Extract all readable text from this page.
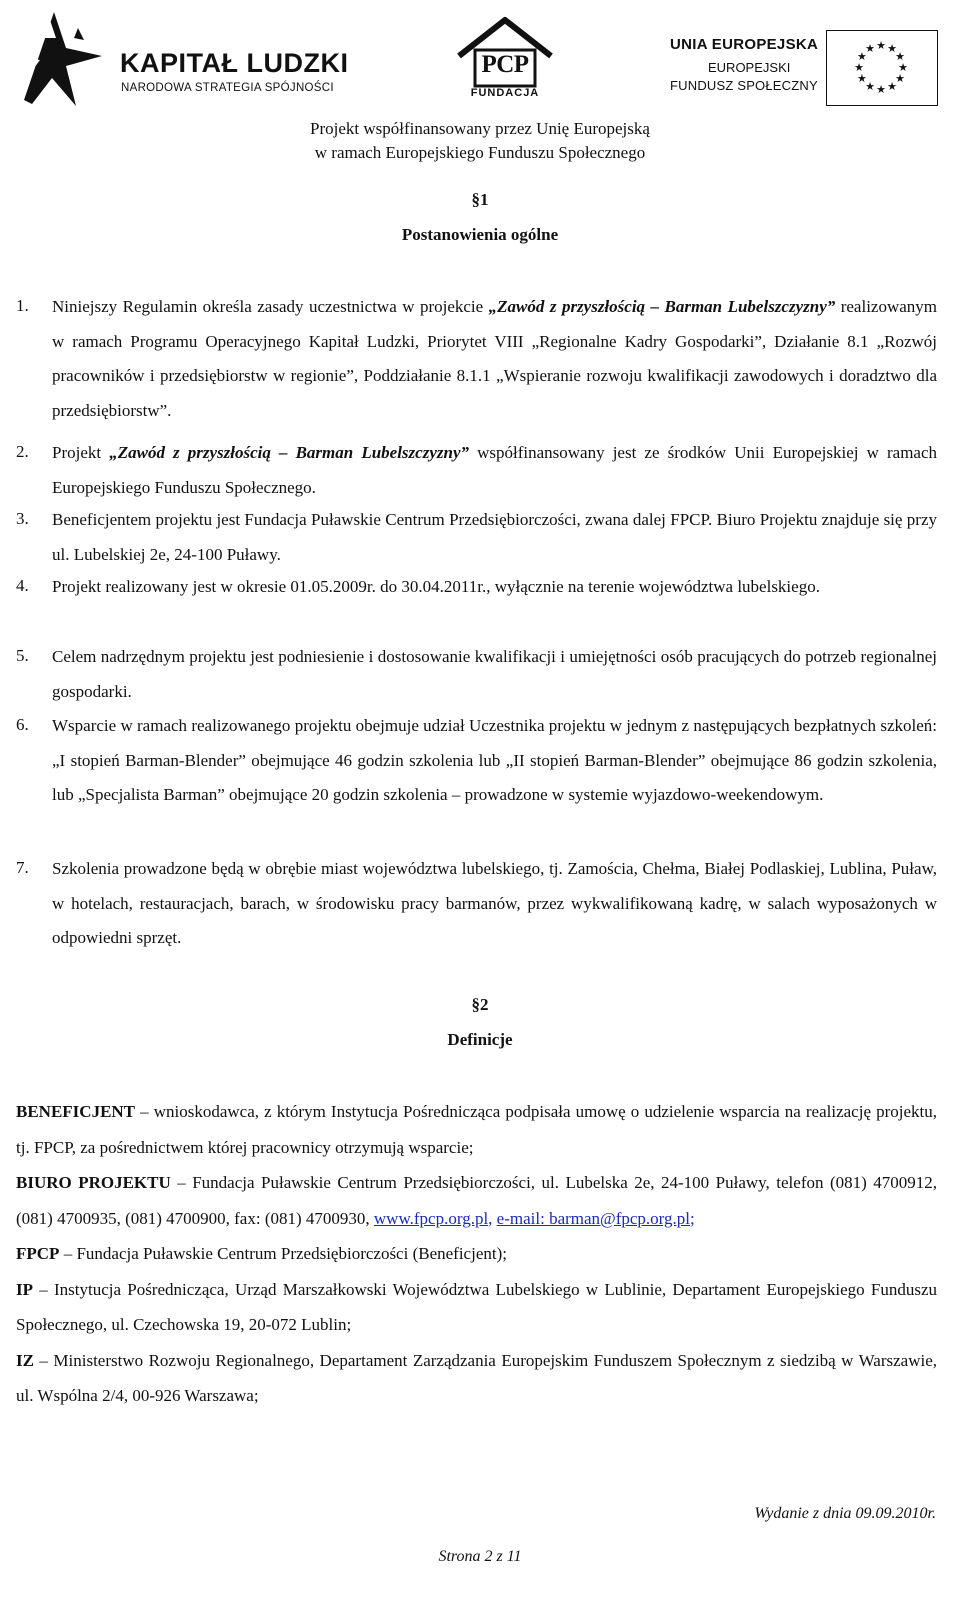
KAPITAŁ LUDZKI
NARODOWA STRATEGIA SPÓJNOŚCI
PCP
FUNDACJA
UNIA EUROPEJSKA
EUROPEJSKI
FUNDUSZ SPOŁECZNY
★ ★
★
★
★
★
★
★
★
★
★
★
Projekt współfinansowany przez Unię Europejską
w ramach Europejskiego Funduszu Społecznego
§1
Postanowienia ogólne
1. Niniejszy Regulamin określa zasady uczestnictwa w projekcie „Zawód z przyszłością – Barman Lubelszczyzny” realizowanym w ramach Programu Operacyjnego Kapitał Ludzki, Priorytet VIII „Regionalne Kadry Gospodarki”, Działanie 8.1 „Rozwój pracowników i przedsiębiorstw w regionie”, Poddziałanie 8.1.1 „Wspieranie rozwoju kwalifikacji zawodowych i doradztwo dla przedsiębiorstw”.
2. Projekt „Zawód z przyszłością – Barman Lubelszczyzny” współfinansowany jest ze środków Unii Europejskiej w ramach Europejskiego Funduszu Społecznego.
3. Beneficjentem projektu jest Fundacja Puławskie Centrum Przedsiębiorczości, zwana dalej FPCP. Biuro Projektu znajduje się przy ul. Lubelskiej 2e, 24-100 Puławy.
4. Projekt realizowany jest w okresie 01.05.2009r. do 30.04.2011r., wyłącznie na terenie województwa lubelskiego.
5. Celem nadrzędnym projektu jest podniesienie i dostosowanie kwalifikacji i umiejętności osób pracujących do potrzeb regionalnej gospodarki.
6. Wsparcie w ramach realizowanego projektu obejmuje udział Uczestnika projektu w jednym z następujących bezpłatnych szkoleń: „I stopień Barman-Blender” obejmujące 46 godzin szkolenia lub „II stopień Barman-Blender” obejmujące 86 godzin szkolenia, lub „Specjalista Barman” obejmujące 20 godzin szkolenia – prowadzone w systemie wyjazdowo-weekendowym.
7. Szkolenia prowadzone będą w obrębie miast województwa lubelskiego, tj. Zamościa, Chełma, Białej Podlaskiej, Lublina, Puław, w hotelach, restauracjach, barach, w środowisku pracy barmanów, przez wykwalifikowaną kadrę, w salach wyposażonych w odpowiedni sprzęt.
§2
Definicje

BENEFICJENT – wnioskodawca, z którym Instytucja Pośrednicząca podpisała umowę o udzielenie wsparcia na realizację projektu, tj. FPCP, za pośrednictwem której pracownicy otrzymują wsparcie;

BIURO PROJEKTU – Fundacja Puławskie Centrum Przedsiębiorczości, ul. Lubelska 2e, 24-100 Puławy, telefon (081) 4700912, (081) 4700935, (081) 4700900, fax: (081) 4700930, www.fpcp.org.pl, e-mail: barman@fpcp.org.pl;

FPCP – Fundacja Puławskie Centrum Przedsiębiorczości (Beneficjent);

IP – Instytucja Pośrednicząca, Urząd Marszałkowski Województwa Lubelskiego w Lublinie, Departament Europejskiego Funduszu Społecznego, ul. Czechowska 19, 20-072 Lublin;

IZ – Ministerstwo Rozwoju Regionalnego, Departament Zarządzania Europejskim Funduszem Społecznym z siedzibą w Warszawie, ul. Wspólna 2/4, 00-926 Warszawa;

Wydanie z dnia 09.09.2010r.
Strona 2 z 11
